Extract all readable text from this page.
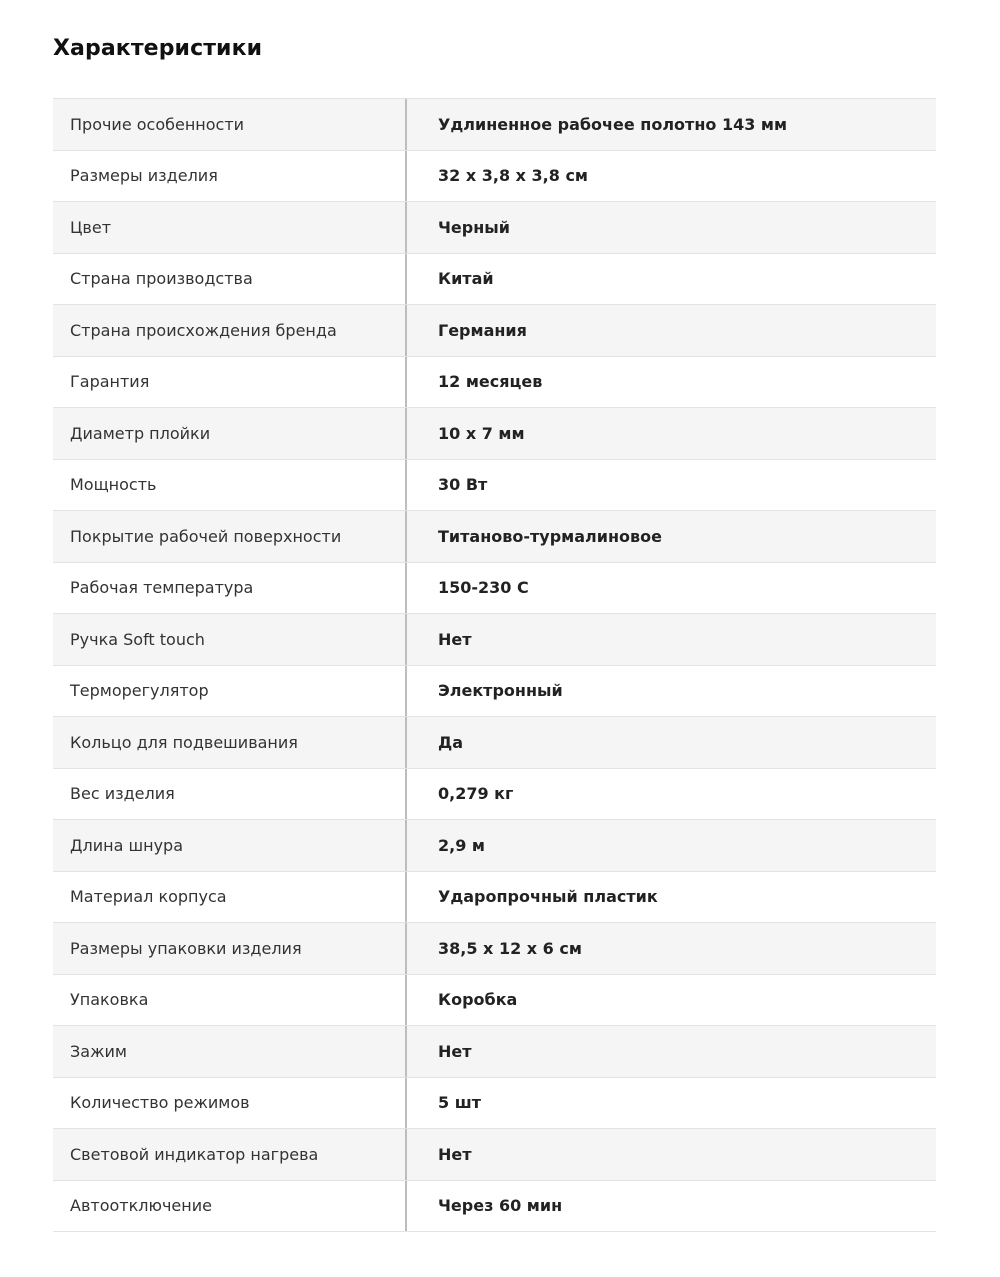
Характеристики
Прочие особенности	Удлиненное рабочее полотно 143 мм
Размеры изделия	32 х 3,8 х 3,8 см
Цвет	Черный
Страна производства	Китай
Страна происхождения бренда	Германия
Гарантия	12 месяцев
Диаметр плойки	10 х 7 мм
Мощность	30 Вт
Покрытие рабочей поверхности	Титаново-турмалиновое
Рабочая температура	150-230 С
Ручка Soft touch	Нет
Терморегулятор	Электронный
Кольцо для подвешивания	Да
Вес изделия	0,279 кг
Длина шнура	2,9 м
Материал корпуса	Ударопрочный пластик
Размеры упаковки изделия	38,5 х 12 х 6 см
Упаковка	Коробка
Зажим	Нет
Количество режимов	5 шт
Световой индикатор нагрева	Нет
Автоотключение	Через 60 мин
